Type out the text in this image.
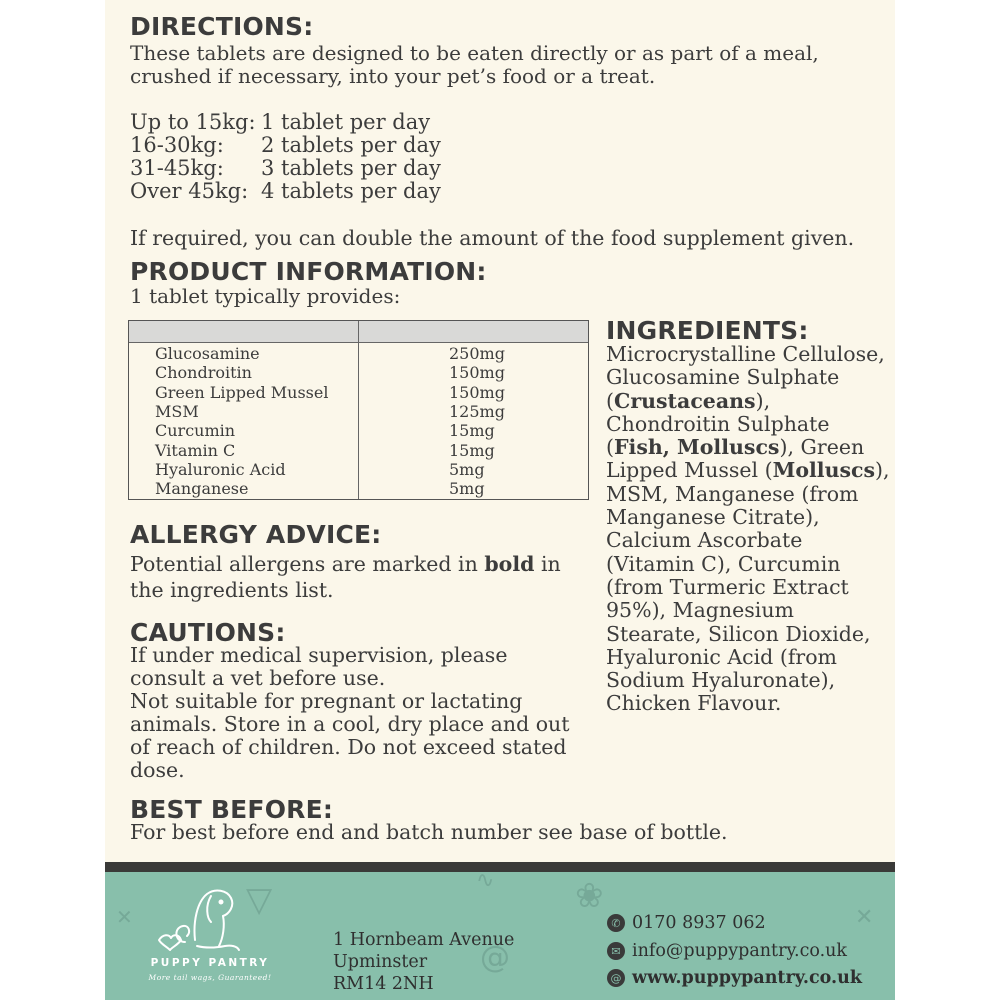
DIRECTIONS:
These tablets are designed to be eaten directly or as part of a meal,
crushed if necessary, into your pet’s food or a treat.
Up to 15kg: 1 tablet per day
16-30kg: 2 tablets per day
31-45kg: 3 tablets per day
Over 45kg: 4 tablets per day
If required, you can double the amount of the food supplement given.
PRODUCT INFORMATION:
1 tablet typically provides:
Glucosamine	250mg
Chondroitin	150mg
Green Lipped Mussel	150mg
MSM	125mg
Curcumin	15mg
Vitamin C	15mg
Hyaluronic Acid	5mg
Manganese	5mg
INGREDIENTS:
Microcrystalline Cellulose,
Glucosamine Sulphate
(Crustaceans),
Chondroitin Sulphate
(Fish, Molluscs), Green
Lipped Mussel (Molluscs),
MSM, Manganese (from
Manganese Citrate),
Calcium Ascorbate
(Vitamin C), Curcumin
(from Turmeric Extract
95%), Magnesium
Stearate, Silicon Dioxide,
Hyaluronic Acid (from
Sodium Hyaluronate),
Chicken Flavour.
ALLERGY ADVICE:
Potential allergens are marked in bold in
the ingredients list.
CAUTIONS:
If under medical supervision, please
consult a vet before use.
Not suitable for pregnant or lactating
animals. Store in a cool, dry place and out
of reach of children. Do not exceed stated
dose.
BEST BEFORE:
For best before end and batch number see base of bottle.
✕	▽	∿
@
❀
✕
PUPPY PANTRY
More tail wags, Guaranteed!
1 Hornbeam Avenue
Upminster
RM14 2NH
✆ 0170 8937 062
✉ info@puppypantry.co.uk
@ www.puppypantry.co.uk
